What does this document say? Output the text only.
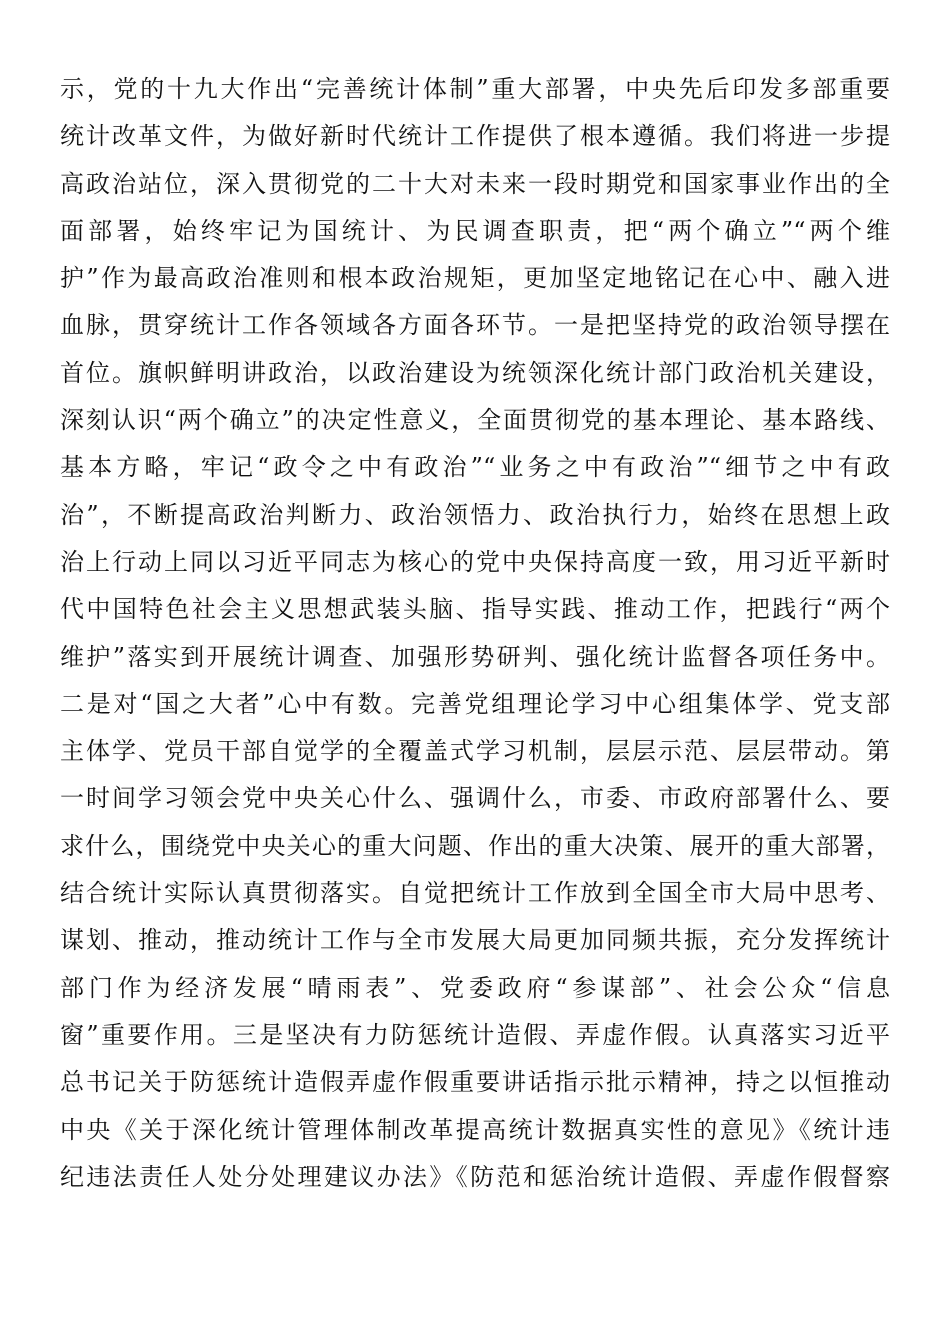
示，党的十九大作出“完善统计体制”重大部署，中央先后印发多部重要
统计改革文件，为做好新时代统计工作提供了根本遵循。我们将进一步提
高政治站位，深入贯彻党的二十大对未来一段时期党和国家事业作出的全
面部署，始终牢记为国统计、为民调查职责，把“两个确立”“两个维
护”作为最高政治准则和根本政治规矩，更加坚定地铭记在心中、融入进
血脉，贯穿统计工作各领域各方面各环节。一是把坚持党的政治领导摆在
首位。旗帜鲜明讲政治，以政治建设为统领深化统计部门政治机关建设，
深刻认识“两个确立”的决定性意义，全面贯彻党的基本理论、基本路线、
基本方略，牢记“政令之中有政治”“业务之中有政治”“细节之中有政
治”，不断提高政治判断力、政治领悟力、政治执行力，始终在思想上政
治上行动上同以习近平同志为核心的党中央保持高度一致，用习近平新时
代中国特色社会主义思想武装头脑、指导实践、推动工作，把践行“两个
维护”落实到开展统计调查、加强形势研判、强化统计监督各项任务中。
二是对“国之大者”心中有数。完善党组理论学习中心组集体学、党支部
主体学、党员干部自觉学的全覆盖式学习机制，层层示范、层层带动。第
一时间学习领会党中央关心什么、强调什么，市委、市政府部署什么、要
求什么，围绕党中央关心的重大问题、作出的重大决策、展开的重大部署，
结合统计实际认真贯彻落实。自觉把统计工作放到全国全市大局中思考、
谋划、推动，推动统计工作与全市发展大局更加同频共振，充分发挥统计
部门作为经济发展“晴雨表”、党委政府“参谋部”、社会公众“信息
窗”重要作用。三是坚决有力防惩统计造假、弄虚作假。认真落实习近平
总书记关于防惩统计造假弄虚作假重要讲话指示批示精神，持之以恒推动
中央《关于深化统计管理体制改革提高统计数据真实性的意见》《统计违
纪违法责任人处分处理建议办法》《防范和惩治统计造假、弄虚作假督察
